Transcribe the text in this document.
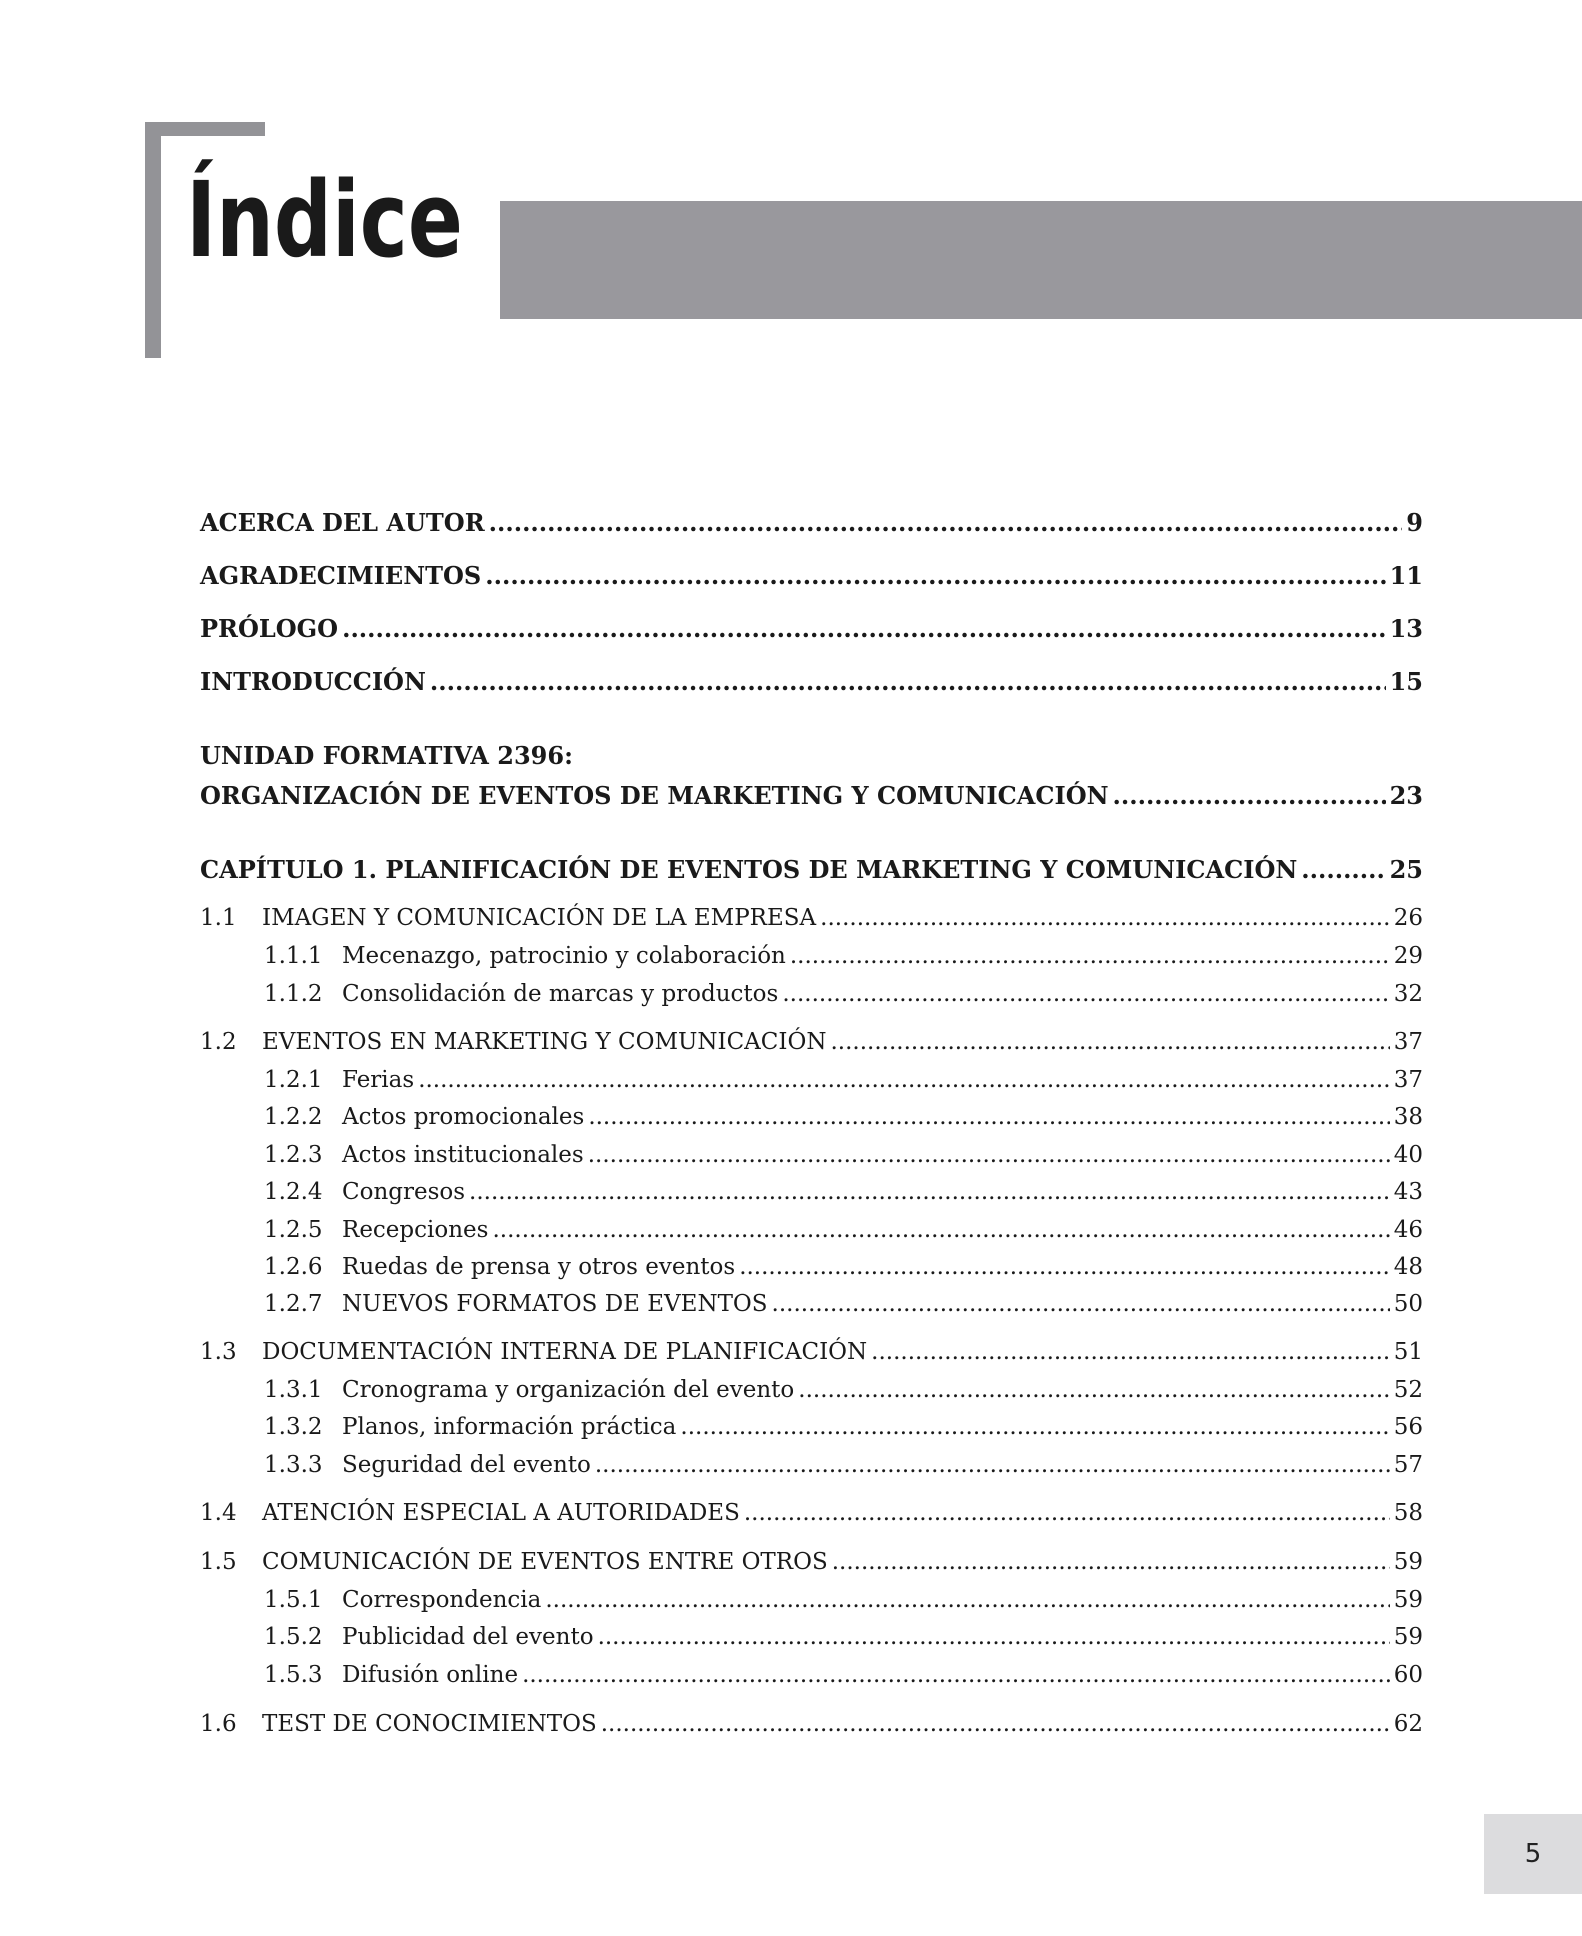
Índice
ACERCA DEL AUTOR .....	9
AGRADECIMIENTOS .....	11
PRÓLOGO .....	13
INTRODUCCIÓN .....	15
UNIDAD FORMATIVA 2396:
ORGANIZACIÓN DE EVENTOS DE MARKETING Y COMUNICACIÓN .....	23
CAPÍTULO 1. PLANIFICACIÓN DE EVENTOS DE MARKETING Y COMUNICACIÓN .....	25
1.1	IMAGEN Y COMUNICACIÓN DE LA EMPRESA .....	26
1.1.1 Mecenazgo, patrocinio y colaboración .....	29
1.1.2 Consolidación de marcas y productos .....	32
1.2	EVENTOS EN MARKETING Y COMUNICACIÓN .....	37
1.2.1 Ferias .....	37
1.2.2 Actos promocionales .....	38
1.2.3 Actos institucionales .....	40
1.2.4 Congresos .....	43
1.2.5 Recepciones .....	46
1.2.6 Ruedas de prensa y otros eventos .....	48
1.2.7 NUEVOS FORMATOS DE EVENTOS .....	50
1.3	DOCUMENTACIÓN INTERNA DE PLANIFICACIÓN .....	51
1.3.1 Cronograma y organización del evento .....	52
1.3.2 Planos, información práctica .....	56
1.3.3 Seguridad del evento .....	57
1.4	ATENCIÓN ESPECIAL A AUTORIDADES .....	58
1.5	COMUNICACIÓN DE EVENTOS ENTRE OTROS .....	59
1.5.1 Correspondencia .....	59
1.5.2 Publicidad del evento .....	59
1.5.3 Difusión online .....	60
1.6	TEST DE CONOCIMIENTOS .....	62
5
